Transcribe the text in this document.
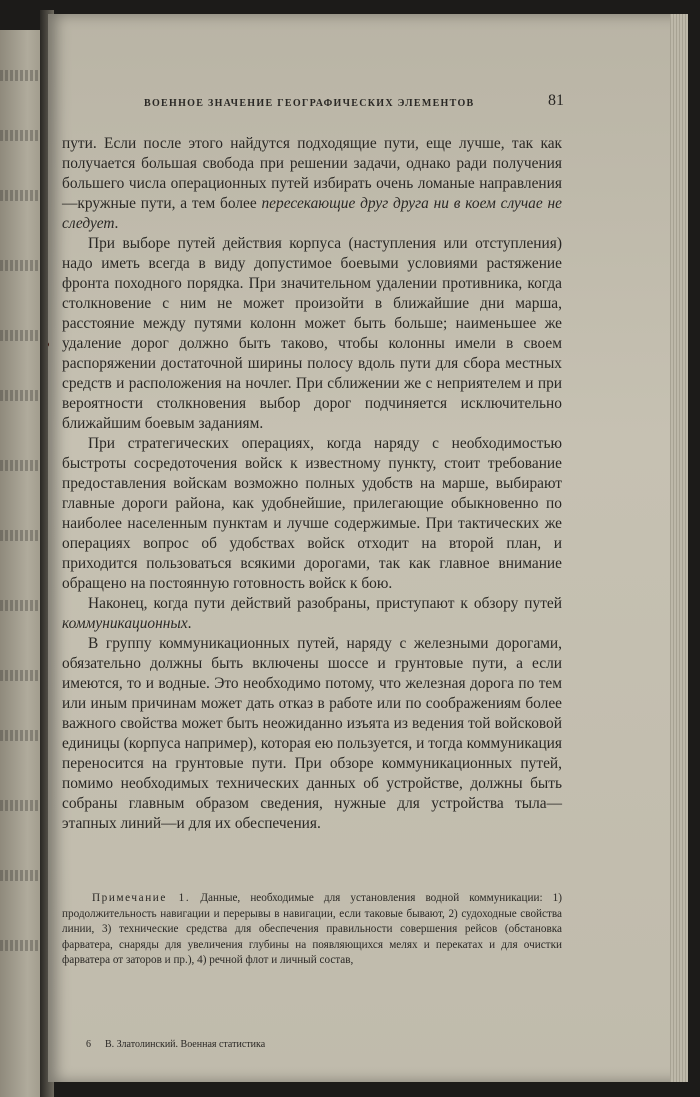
ВОЕННОЕ ЗНАЧЕНИЕ ГЕОГРАФИЧЕСКИХ ЭЛЕМЕНТОВ	81

пути. Если после этого найдутся подходящие пути, еще лучше, так как получается большая свобода при решении задачи, однако ради получения большего числа операционных путей избирать очень ломаные направления—кружные пути, а тем более пересекающие друг друга ни в коем случае не следует.

При выборе путей действия корпуса (наступления или отступления) надо иметь всегда в виду допустимое боевыми условиями растяжение фронта походного порядка. При значительном удалении противника, когда столкновение с ним не может произойти в ближайшие дни марша, расстояние между путями колонн может быть больше; наименьшее же удаление дорог должно быть таково, чтобы колонны имели в своем распоряжении достаточной ширины полосу вдоль пути для сбора местных средств и расположения на ночлег. При сближении же с неприятелем и при вероятности столкновения выбор дорог подчиняется исключительно ближайшим боевым заданиям.

При стратегических операциях, когда наряду с необходимостью быстроты сосредоточения войск к известному пункту, стоит требование предоставления войскам возможно полных удобств на марше, выбирают главные дороги района, как удобнейшие, прилегающие обыкновенно по наиболее населенным пунктам и лучше содержимые. При тактических же операциях вопрос об удобствах войск отходит на второй план, и приходится пользоваться всякими дорогами, так как главное внимание обращено на постоянную готовность войск к бою.

Наконец, когда пути действий разобраны, приступают к обзору путей коммуникационных.

В группу коммуникационных путей, наряду с железными дорогами, обязательно должны быть включены шоссе и грунтовые пути, а если имеются, то и водные. Это необходимо потому, что железная дорога по тем или иным причинам может дать отказ в работе или по соображениям более важного свойства может быть неожиданно изъята из ведения той войсковой единицы (корпуса например), которая ею пользуется, и тогда коммуникация переносится на грунтовые пути. При обзоре коммуникационных путей, помимо необходимых технических данных об устройстве, должны быть собраны главным образом сведения, нужные для устройства тыла—этапных линий—и для их обеспечения.

Примечание 1. Данные, необходимые для установления водной коммуникации: 1) продолжительность навигации и перерывы в навигации, если таковые бывают, 2) судоходные свойства линии, 3) технические средства для обеспечения правильности совершения рейсов (обстановка фарватера, снаряды для увеличения глубины на появляющихся мелях и перекатах и для очистки фарватера от заторов и пр.), 4) речной флот и личный состав,
6 В. Златолинский. Военная статистика
